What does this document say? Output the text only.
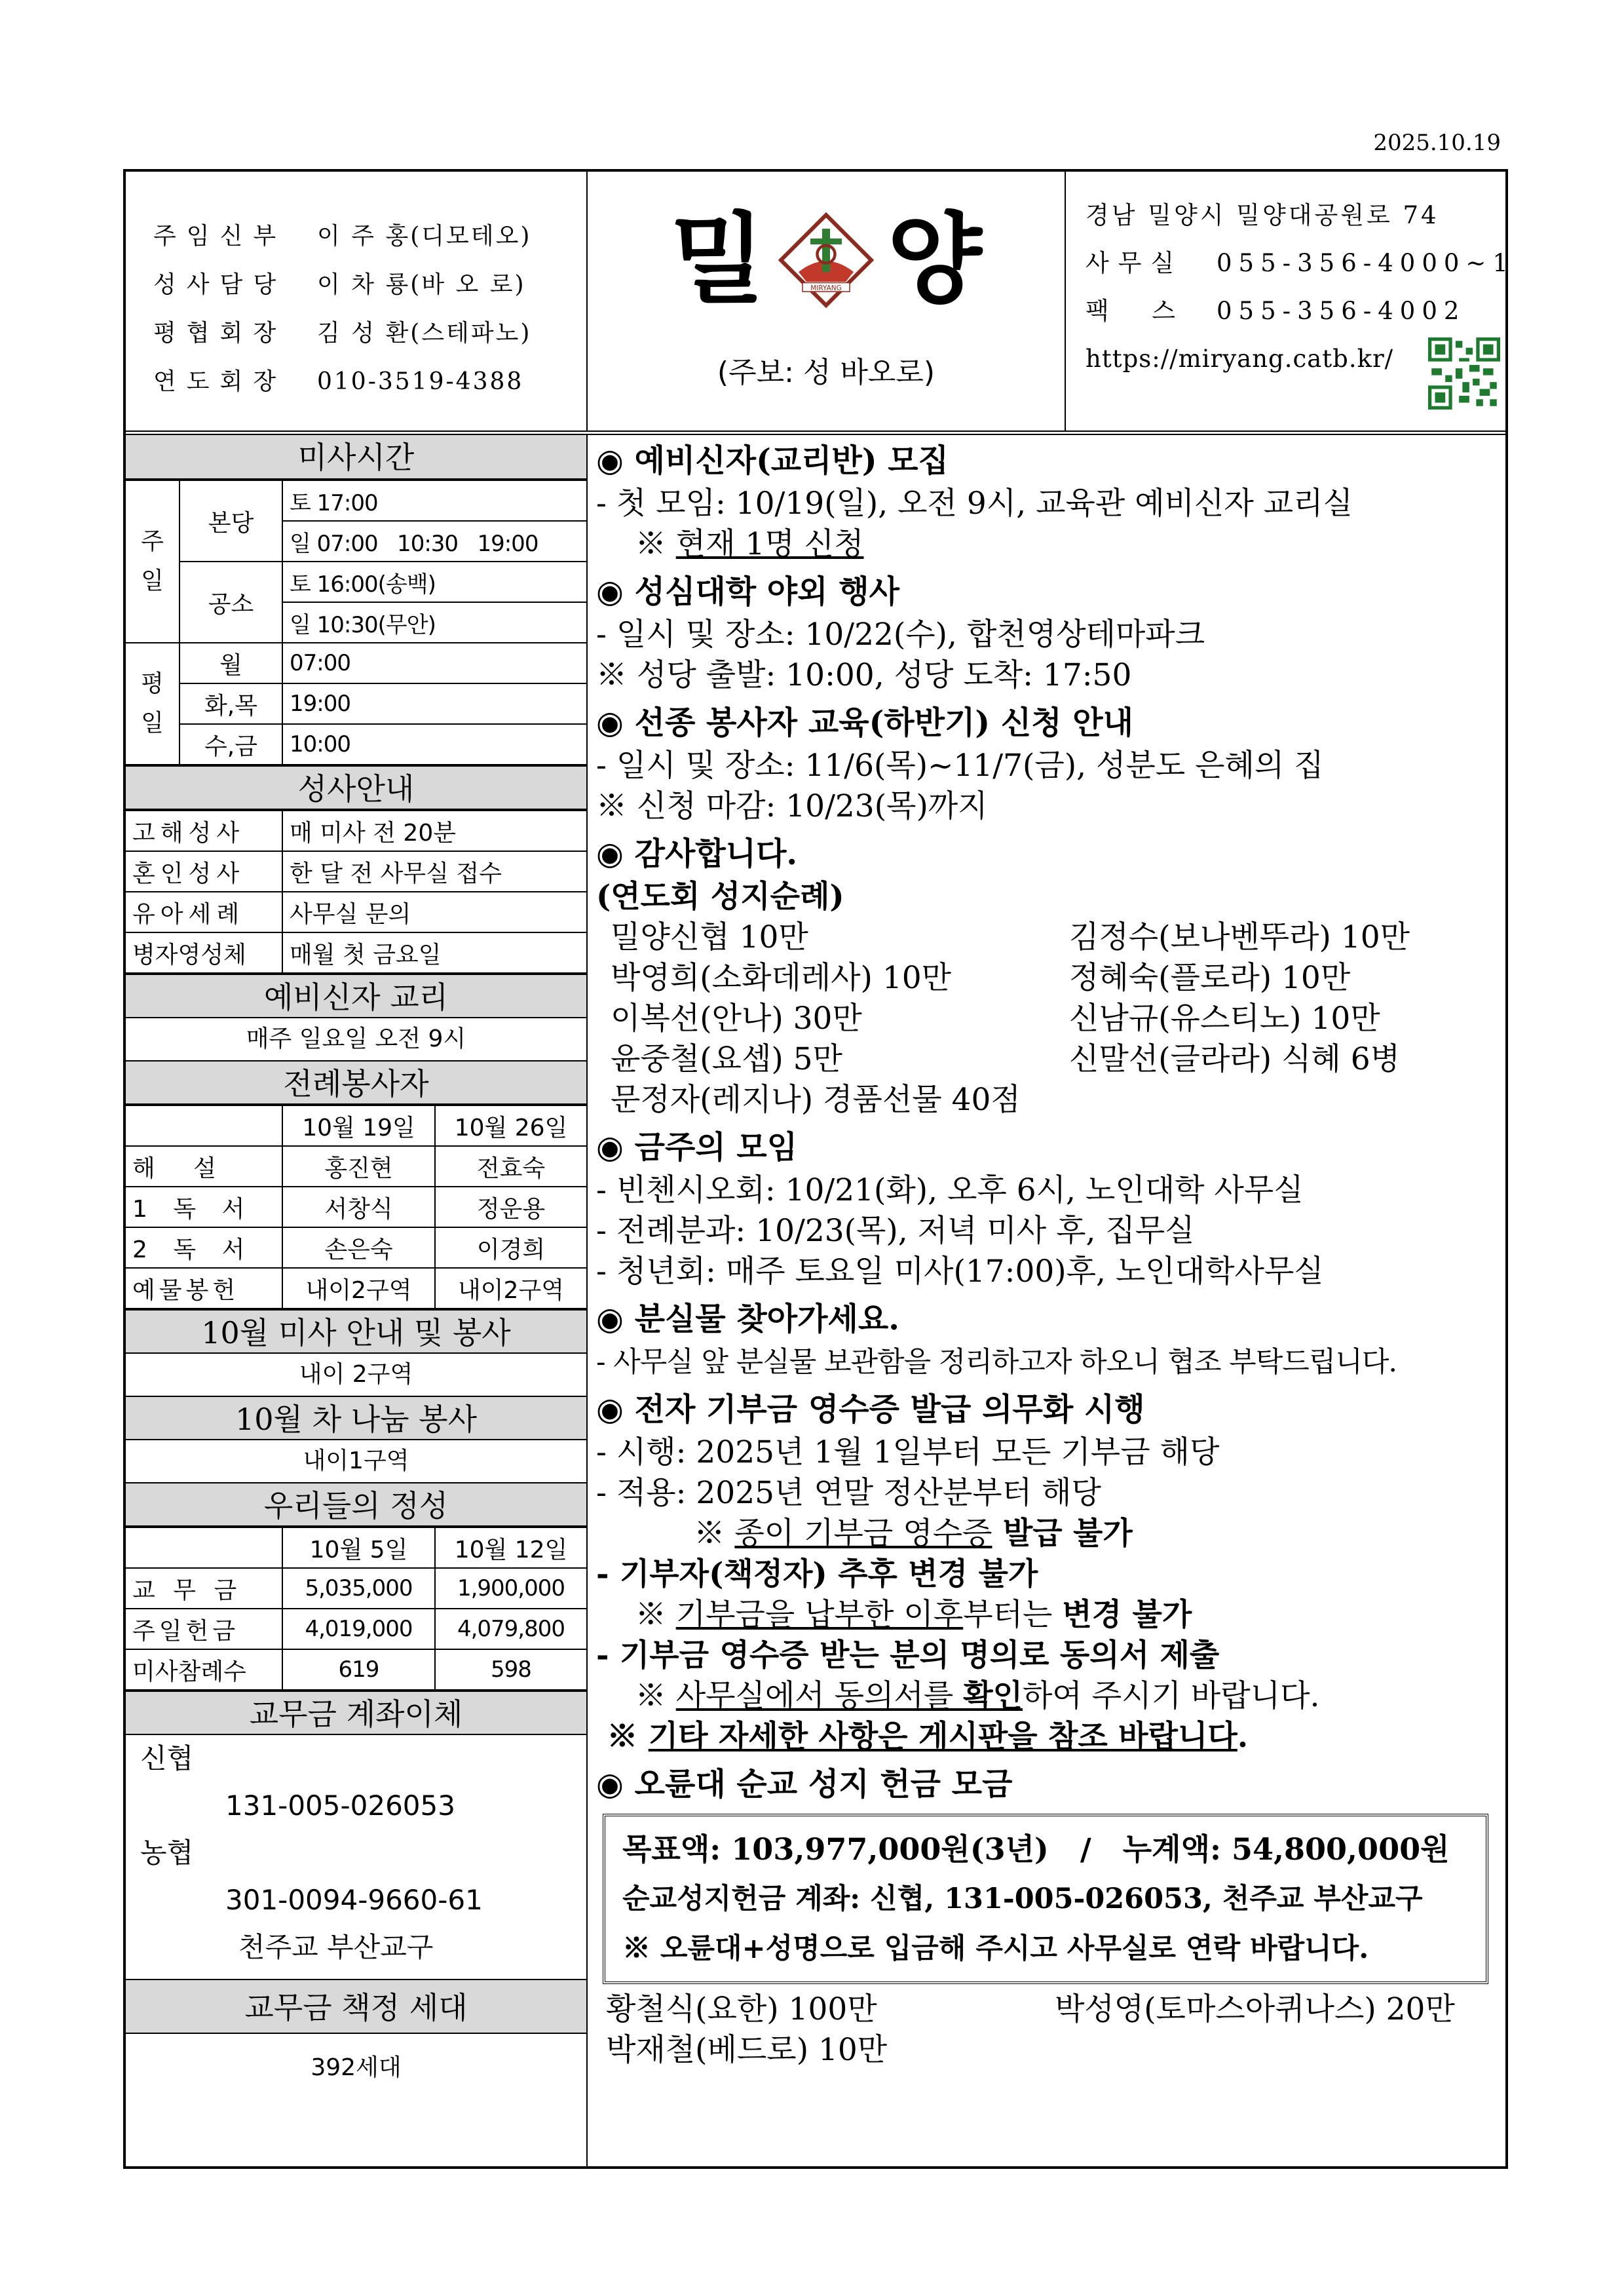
2025.10.19
주임신부	이 주 홍(디모테오)
성사담당	이 차 룡(바 오 로)
평협회장	김 성 환(스테파노)
연도회장	010-3519-4388
밀	MIRYANG 양
(주보: 성 바오로)
경남 밀양시 밀양대공원로 74
사무실 055-356-4000~1
팩  스 055-356-4002
https://miryang.catb.kr/
미사시간
주일	본당	토 17:00
		일 07:00   10:30   19:00
	공소	토 16:00(송백)
		일 10:30(무안)
평일	월	07:00
	화,목	19:00
	수,금	10:00
성사안내
고해성사	매 미사 전 20분
혼인성사	한 달 전 사무실 접수
유아세례	사무실 문의
병자영성체	매월 첫 금요일
예비신자 교리
매주 일요일 오전 9시
전례봉사자
	10월 19일	10월 26일
해   설	홍진현	전효숙
1 독 서	서창식	정운용
2 독 서	손은숙	이경희
예물봉헌	내이2구역	내이2구역
10월 미사 안내 및 봉사
내이 2구역
10월 차 나눔 봉사
내이1구역
우리들의 정성
	10월 5일	10월 12일
교 무 금	5,035,000	1,900,000
주일헌금	4,019,000	4,079,800
미사참례수	619	598
교무금 계좌이체
신협
131-005-026053
농협
301-0094-9660-61
천주교 부산교구
교무금 책정 세대
392세대
◉ 예비신자(교리반) 모집
- 첫 모임: 10/19(일), 오전 9시, 교육관 예비신자 교리실
※ 현재 1명 신청
◉ 성심대학 야외 행사
- 일시 및 장소: 10/22(수), 합천영상테마파크
※ 성당 출발: 10:00, 성당 도착: 17:50
◉ 선종 봉사자 교육(하반기) 신청 안내
- 일시 및 장소: 11/6(목)~11/7(금), 성분도 은혜의 집
※ 신청 마감: 10/23(목)까지
◉ 감사합니다.
(연도회 성지순례)
밀양신협 10만	김정수(보나벤뚜라) 10만
박영희(소화데레사) 10만	정혜숙(플로라) 10만
이복선(안나) 30만	신남규(유스티노) 10만
윤중철(요셉) 5만	신말선(글라라) 식혜 6병
문정자(레지나) 경품선물 40점
◉ 금주의 모임
- 빈첸시오회: 10/21(화), 오후 6시, 노인대학 사무실
- 전례분과: 10/23(목), 저녁 미사 후, 집무실
- 청년회: 매주 토요일 미사(17:00)후, 노인대학사무실
◉ 분실물 찾아가세요.
- 사무실 앞 분실물 보관함을 정리하고자 하오니 협조 부탁드립니다.
◉ 전자 기부금 영수증 발급 의무화 시행
- 시행: 2025년 1월 1일부터 모든 기부금 해당
- 적용: 2025년 연말 정산분부터 해당
※ 종이 기부금 영수증 발급 불가
- 기부자(책정자) 추후 변경 불가
※ 기부금을 납부한 이후부터는 변경 불가
- 기부금 영수증 받는 분의 명의로 동의서 제출
※ 사무실에서 동의서를 확인하여 주시기 바랍니다.
※ 기타 자세한 사항은 게시판을 참조 바랍니다.
◉ 오륜대 순교 성지 헌금 모금
목표액: 103,977,000원(3년)   /   누계액: 54,800,000원
순교성지헌금 계좌: 신협, 131-005-026053, 천주교 부산교구
※ 오륜대+성명으로 입금해 주시고 사무실로 연락 바랍니다.
황철식(요한) 100만	박성영(토마스아퀴나스) 20만
박재철(베드로) 10만
